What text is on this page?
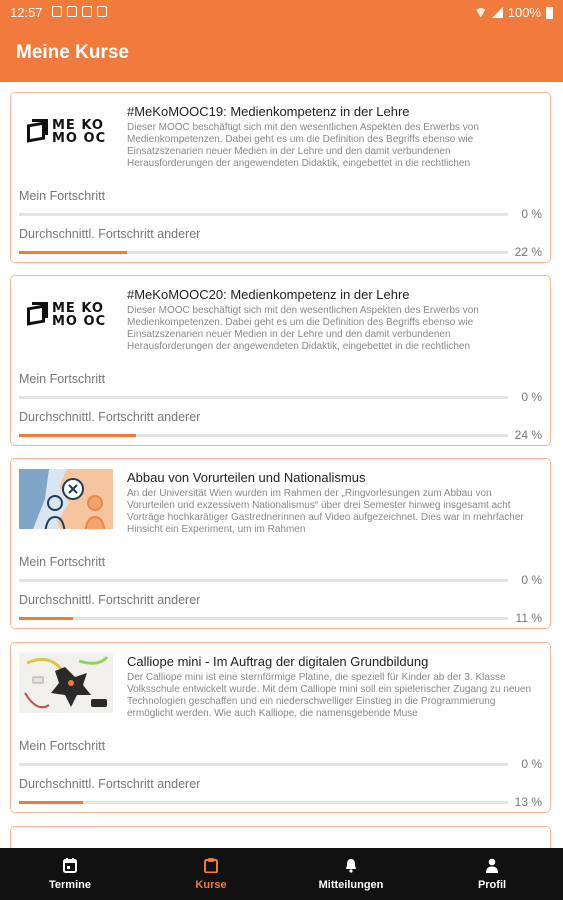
12:57	100%
Meine Kurse
ME KO
MO OC
#MeKoMOOC19: Medienkompetenz in der Lehre
Dieser MOOC beschäftigt sich mit den wesentlichen Aspekten des Erwerbs von Medienkompetenzen. Dabei geht es um die Definition des Begriffs ebenso wie Einsatzszenarien neuer Medien in der Lehre und den damit verbundenen Herausforderungen der angewendeten Didaktik, eingebettet in die rechtlichen
Mein Fortschritt
0 %
Durchschnittl. Fortschritt anderer
22 %
ME KO
MO OC
#MeKoMOOC20: Medienkompetenz in der Lehre
Dieser MOOC beschäftigt sich mit den wesentlichen Aspekten des Erwerbs von Medienkompetenzen. Dabei geht es um die Definition des Begriffs ebenso wie Einsatzszenarien neuer Medien in der Lehre und den damit verbundenen Herausforderungen der angewendeten Didaktik, eingebettet in die rechtlichen
Mein Fortschritt
0 %
Durchschnittl. Fortschritt anderer
24 %
Abbau von Vorurteilen und Nationalismus
An der Universität Wien wurden im Rahmen der „Ringvorlesungen zum Abbau von Vorurteilen und exzessivem Nationalismus“ über drei Semester hinweg insgesamt acht Vorträge hochkarätiger Gastrednerinnen auf Video aufgezeichnet. Dies war in mehrfacher Hinsicht ein Experiment, um im Rahmen
Mein Fortschritt
0 %
Durchschnittl. Fortschritt anderer
11 %
Calliope mini - Im Auftrag der digitalen Grundbildung
Der Calliope mini ist eine sternförmige Platine, die speziell für Kinder ab der 3. Klasse Volksschule entwickelt wurde. Mit dem Calliope mini soll ein spielerischer Zugang zu neuen Technologien geschaffen und ein niederschwelliger Einstieg in die Programmierung ermöglicht werden. Wie auch Kalliope, die namensgebende Muse
Mein Fortschritt
0 %
Durchschnittl. Fortschritt anderer
13 %
Termine	Kurse	Mitteilungen	Profil
